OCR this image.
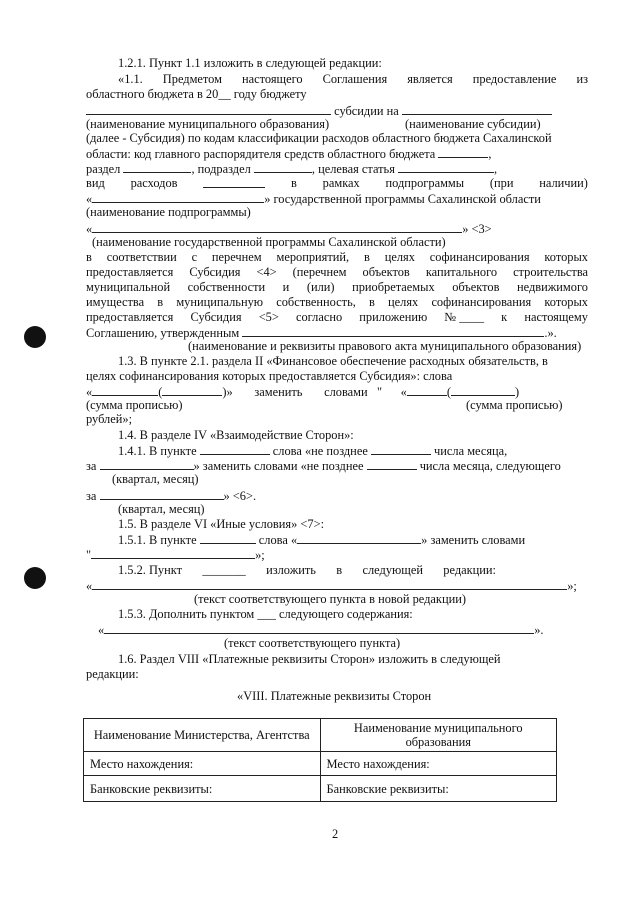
1.2.1. Пункт 1.1 изложить в следующей редакции:
«1.1. Предметом настоящего Соглашения является предоставление из
областного бюджета в 20__ году бюджету
субсидии на
(наименование муниципального образования)	(наименование субсидии)
(далее - Субсидия) по кодам классификации расходов областного бюджета Сахалинской
области: код главного распорядителя средств областного бюджета	,
раздел	, подраздел	, целевая статья	,
вид расходов	в рамках подпрограммы (при наличии)
«	» государственной программы Сахалинской области
(наименование подпрограммы)
«	» <3>
(наименование государственной программы Сахалинской области)
в соответствии с перечнем мероприятий, в целях софинансирования которых
предоставляется Субсидия <4> (перечнем объектов капитального строительства
муниципальной собственности и (или) приобретаемых объектов недвижимого
имущества в муниципальную собственность, в целях софинансирования которых
предоставляется Субсидия <5> согласно приложению № ____ к настоящему
Соглашению, утвержденным	.».
(наименование и реквизиты правового акта муниципального образования)
1.3. В пункте 2.1. раздела II «Финансовое обеспечение расходных обязательств, в
целях софинансирования которых предоставляется Субсидия»: слова
«	(	)» заменить словами " «	(	)
(сумма прописью)	(сумма прописью)
рублей»;
1.4. В разделе IV «Взаимодействие Сторон»:
1.4.1. В пункте	слова «не позднее	числа месяца,
за	» заменить словами «не позднее	числа месяца, следующего
(квартал, месяц)
за	» <6>.
(квартал, месяц)
1.5. В разделе VI «Иные условия» <7>:
1.5.1. В пункте	слова «	» заменить словами
"	»;
1.5.2. Пункт _______ изложить в следующей редакции:
«	»;
(текст соответствующего пункта в новой редакции)
1.5.3. Дополнить пунктом ___ следующего содержания:
«	».
(текст соответствующего пункта)
1.6. Раздел VIII «Платежные реквизиты Сторон» изложить в следующей
редакции:
«VIII. Платежные реквизиты Сторон
Наименование Министерства, Агентства	Наименование муниципального образования
Место нахождения:	Место нахождения:
Банковские реквизиты:	Банковские реквизиты:
2
